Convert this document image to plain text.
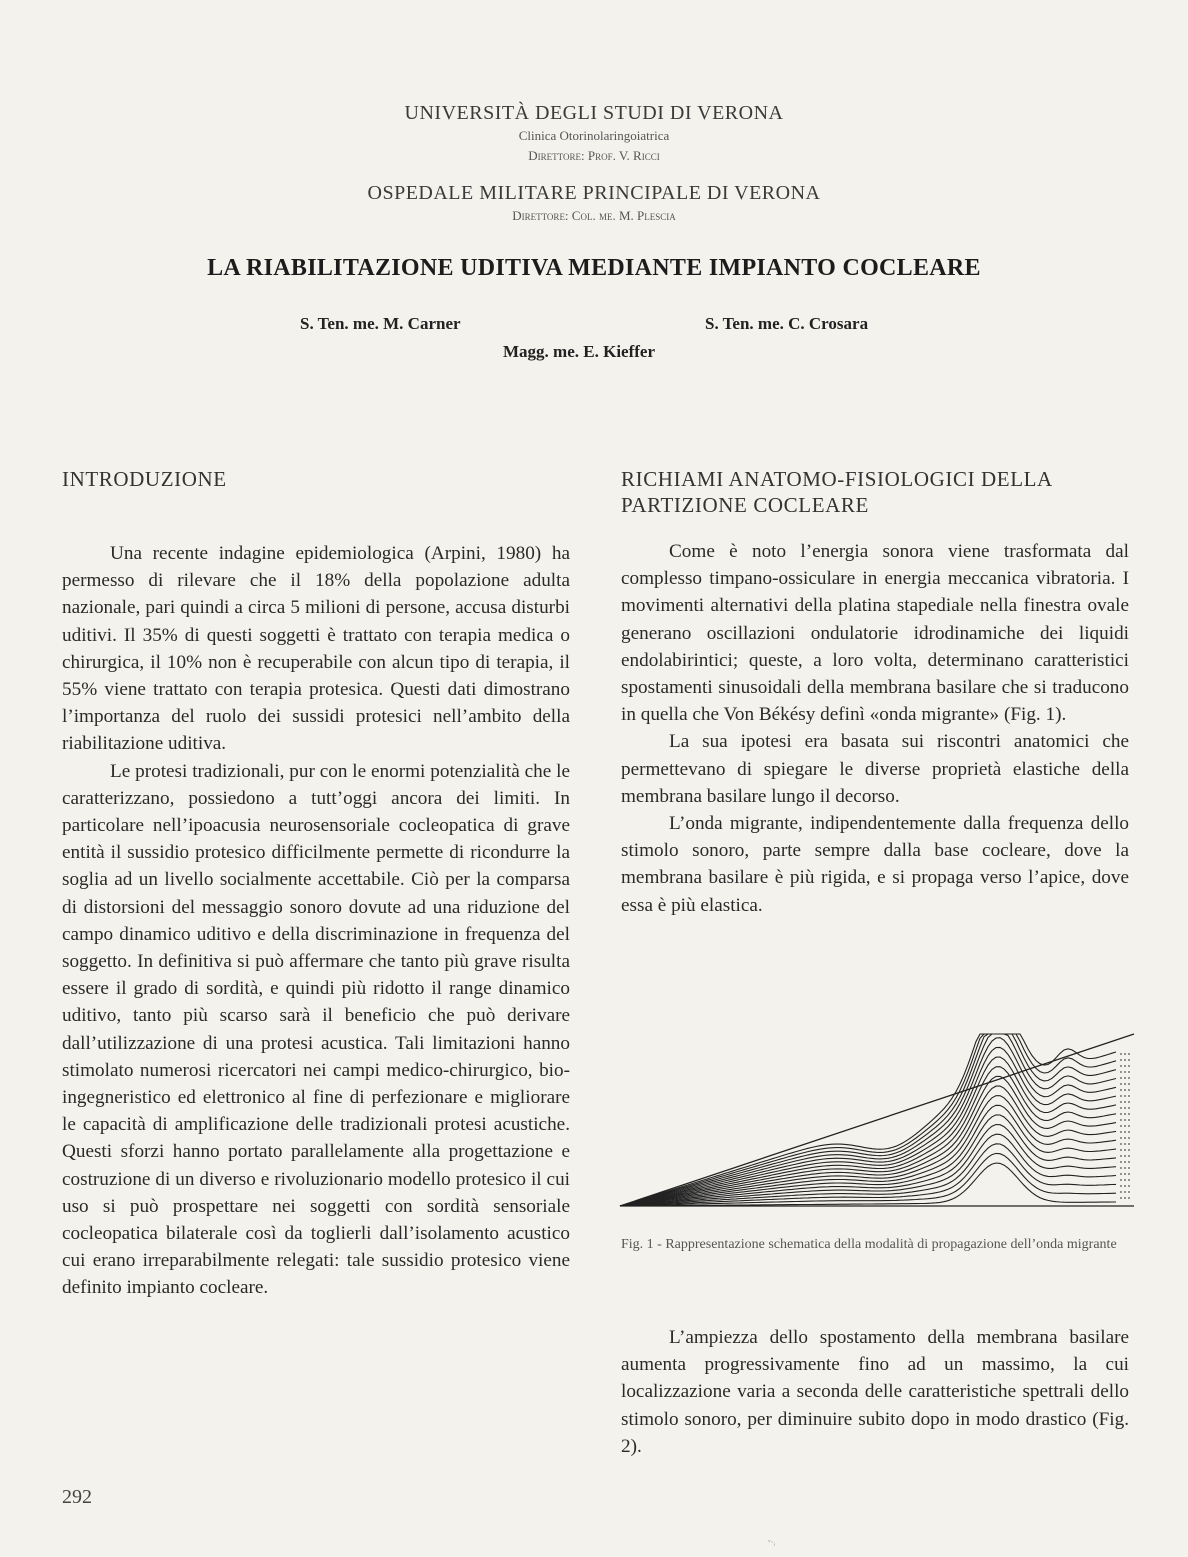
UNIVERSITÀ DEGLI STUDI DI VERONA
Clinica Otorinolaringoiatrica
Direttore: Prof. V. Ricci
OSPEDALE MILITARE PRINCIPALE DI VERONA
Direttore: Col. me. M. Plescia
LA RIABILITAZIONE UDITIVA MEDIANTE IMPIANTO COCLEARE
S. Ten. me. M. Carner	S. Ten. me. C. Crosara
Magg. me. E. Kieffer
INTRODUZIONE

Una recente indagine epidemiologica (Arpini, 1980) ha permesso di rilevare che il 18% della popolazione adulta nazionale, pari quindi a circa 5 milioni di persone, accusa disturbi uditivi. Il 35% di questi soggetti è trattato con terapia medica o chirurgica, il 10% non è recuperabile con alcun tipo di terapia, il 55% viene trattato con terapia protesica. Questi dati dimostrano l’importanza del ruolo dei sussidi protesici nell’ambito della riabilitazione uditiva.

Le protesi tradizionali, pur con le enormi potenzialità che le caratterizzano, possiedono a tutt’oggi ancora dei limiti. In particolare nell’ipoacusia neurosensoriale cocleopatica di grave entità il sussidio protesico difficilmente permette di ricondurre la soglia ad un livello socialmente accettabile. Ciò per la comparsa di distorsioni del messaggio sonoro dovute ad una riduzione del campo dinamico uditivo e della discriminazione in frequenza del soggetto. In definitiva si può affermare che tanto più grave risulta essere il grado di sordità, e quindi più ridotto il range dinamico uditivo, tanto più scarso sarà il beneficio che può derivare dall’utilizzazione di una protesi acustica. Tali limitazioni hanno stimolato numerosi ricercatori nei campi medico-chirurgico, bio-ingegneristico ed elettronico al fine di perfezionare e migliorare le capacità di amplificazione delle tradizionali protesi acustiche. Questi sforzi hanno portato parallelamente alla progettazione e costruzione di un diverso e rivoluzionario modello protesico il cui uso si può prospettare nei soggetti con sordità sensoriale cocleopatica bilaterale così da toglierli dall’isolamento acustico cui erano irreparabilmente relegati: tale sussidio protesico viene definito impianto cocleare.

RICHIAMI ANATOMO-FISIOLOGICI DELLA PARTIZIONE COCLEARE

Come è noto l’energia sonora viene trasformata dal complesso timpano-ossiculare in energia meccanica vibratoria. I movimenti alternativi della platina stapediale nella finestra ovale generano oscillazioni ondulatorie idrodinamiche dei liquidi endolabirintici; queste, a loro volta, determinano caratteristici spostamenti sinusoidali della membrana basilare che si traducono in quella che Von Békésy definì «onda migrante» (Fig. 1).

La sua ipotesi era basata sui riscontri anatomici che permettevano di spiegare le diverse proprietà elastiche della membrana basilare lungo il decorso.

L’onda migrante, indipendentemente dalla frequenza dello stimolo sonoro, parte sempre dalla base cocleare, dove la membrana basilare è più rigida, e si propaga verso l’apice, dove essa è più elastica.

Fig. 1 - Rappresentazione schematica della modalità di propagazione dell’onda migrante

L’ampiezza dello spostamento della membrana basilare aumenta progressivamente fino ad un massimo, la cui localizzazione varia a seconda delle caratteristiche spettrali dello stimolo sonoro, per diminuire subito dopo in modo drastico (Fig. 2).

292
ᵛ·ᵢ
